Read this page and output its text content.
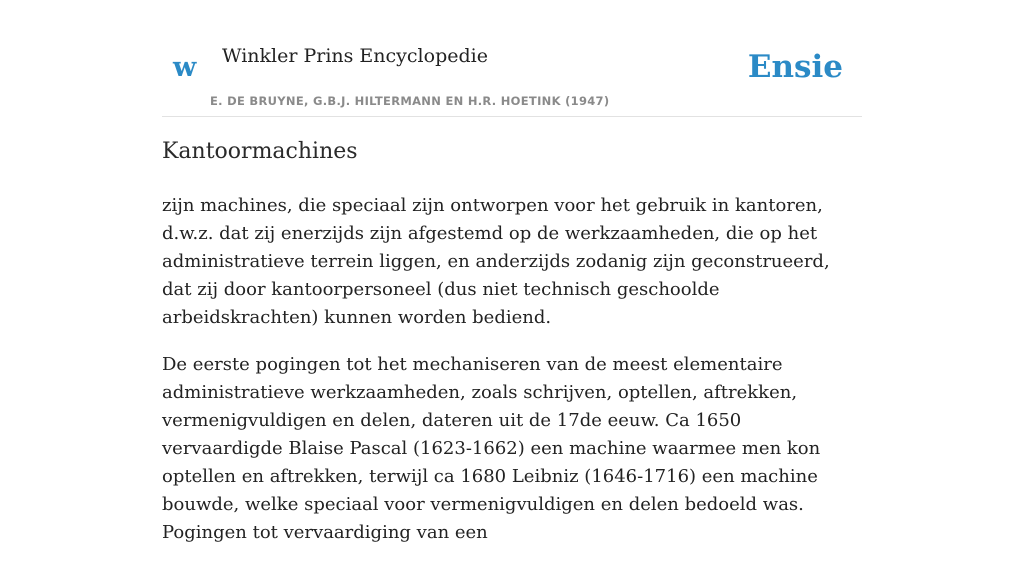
w Winkler Prins Encyclopedie	Ensie
E. DE BRUYNE, G.B.J. HILTERMANN EN H.R. HOETINK (1947)
Kantoormachines

zijn machines, die speciaal zijn ontworpen voor het gebruik in kantoren, d.w.z. dat zij enerzijds zijn afgestemd op de werkzaamheden, die op het administratieve terrein liggen, en anderzijds zodanig zijn geconstrueerd, dat zij door kantoorpersoneel (dus niet technisch geschoolde arbeidskrachten) kunnen worden bediend.

De eerste pogingen tot het mechaniseren van de meest elementaire administratieve werkzaamheden, zoals schrijven, optellen, aftrekken, vermenigvuldigen en delen, dateren uit de 17de eeuw. Ca 1650 vervaardigde Blaise Pascal (1623-1662) een machine waarmee men kon optellen en aftrekken, terwijl ca 1680 Leibniz (1646-1716) een machine bouwde, welke speciaal voor vermenigvuldigen en delen bedoeld was. Pogingen tot vervaardiging van een
